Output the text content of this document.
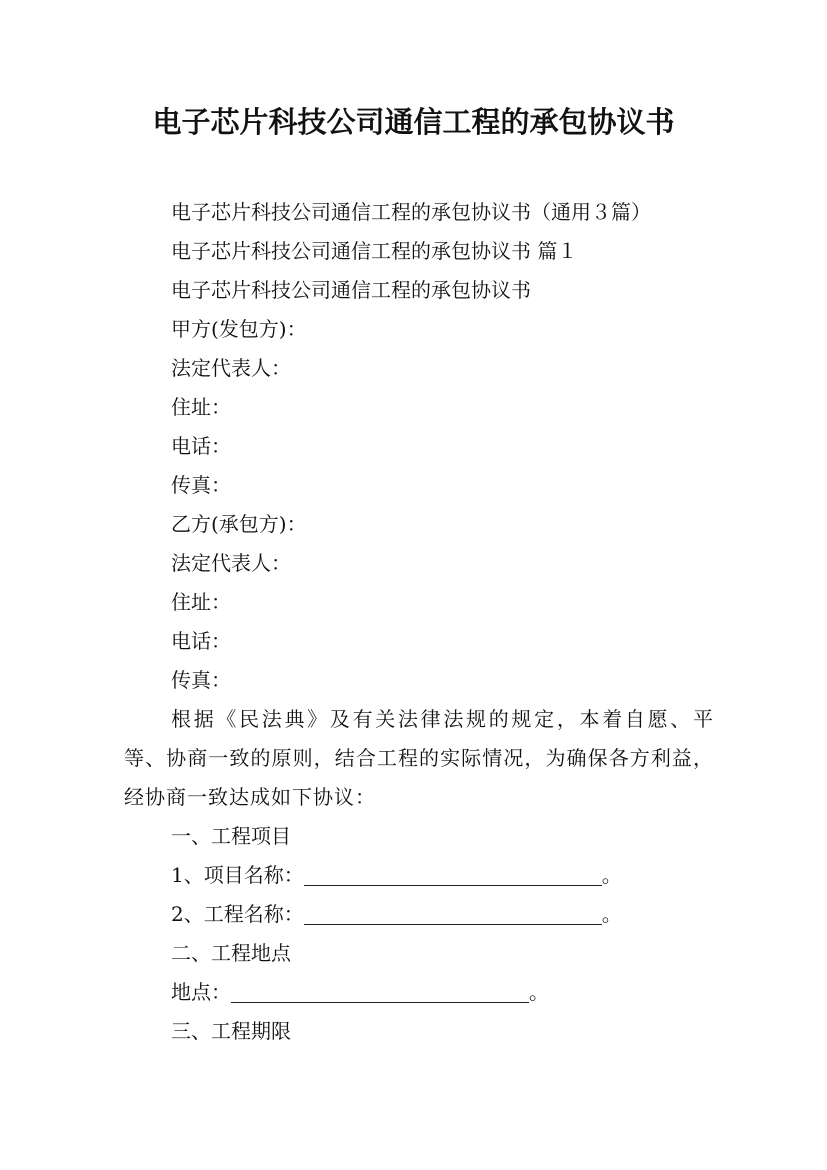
电子芯片科技公司通信工程的承包协议书

电子芯片科技公司通信工程的承包协议书（通用３篇）

电子芯片科技公司通信工程的承包协议书 篇１

电子芯片科技公司通信工程的承包协议书

甲方(发包方)：

法定代表人：

住址：

电话：

传真：

乙方(承包方)：

法定代表人：

住址：

电话：

传真：

根据《民法典》及有关法律法规的规定，本着自愿、平等、协商一致的原则，结合工程的实际情况，为确保各方利益，经协商一致达成如下协议：

一、工程项目

1、项目名称：	。

2、工程名称：	。

二、工程地点

地点：	。

三、工程期限
